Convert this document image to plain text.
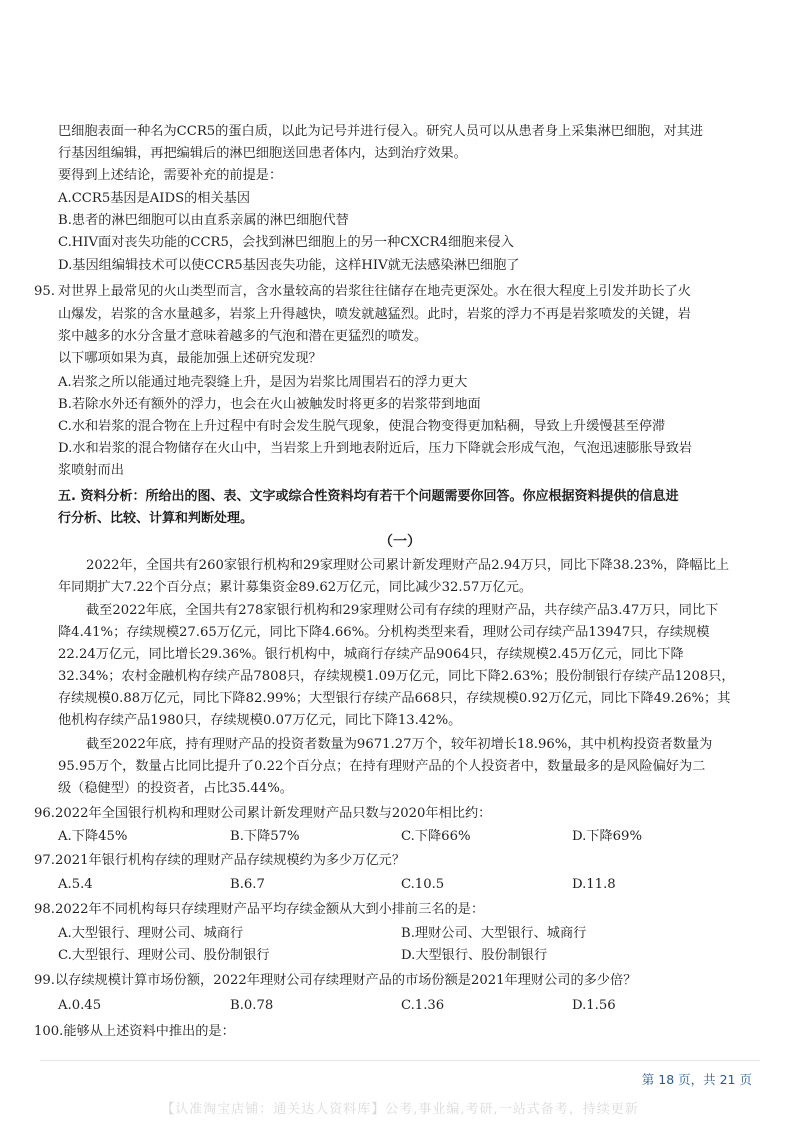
巴细胞表面一种名为CCR5的蛋白质，以此为记号并进行侵入。研究人员可以从患者身上采集淋巴细胞，对其进
行基因组编辑，再把编辑后的淋巴细胞送回患者体内，达到治疗效果。
要得到上述结论，需要补充的前提是：
A.CCR5基因是AIDS的相关基因
B.患者的淋巴细胞可以由直系亲属的淋巴细胞代替
C.HIV面对丧失功能的CCR5，会找到淋巴细胞上的另一种CXCR4细胞来侵入
D.基因组编辑技术可以使CCR5基因丧失功能，这样HIV就无法感染淋巴细胞了
95. 对世界上最常见的火山类型而言，含水量较高的岩浆往往储存在地壳更深处。水在很大程度上引发并助长了火
山爆发，岩浆的含水量越多，岩浆上升得越快，喷发就越猛烈。此时，岩浆的浮力不再是岩浆喷发的关键，岩
浆中越多的水分含量才意味着越多的气泡和潜在更猛烈的喷发。
以下哪项如果为真，最能加强上述研究发现？
A.岩浆之所以能通过地壳裂缝上升，是因为岩浆比周围岩石的浮力更大
B.若除水外还有额外的浮力，也会在火山被触发时将更多的岩浆带到地面
C.水和岩浆的混合物在上升过程中有时会发生脱气现象，使混合物变得更加粘稠，导致上升缓慢甚至停滞
D.水和岩浆的混合物储存在火山中，当岩浆上升到地表附近后，压力下降就会形成气泡，气泡迅速膨胀导致岩
浆喷射而出
五. 资料分析：所给出的图、表、文字或综合性资料均有若干个问题需要你回答。你应根据资料提供的信息进
行分析、比较、计算和判断处理。
（一）
2022年，全国共有260家银行机构和29家理财公司累计新发理财产品2.94万只，同比下降38.23%，降幅比上
年同期扩大7.22个百分点；累计募集资金89.62万亿元，同比减少32.57万亿元。
截至2022年底，全国共有278家银行机构和29家理财公司有存续的理财产品，共存续产品3.47万只，同比下
降4.41%；存续规模27.65万亿元，同比下降4.66%。分机构类型来看，理财公司存续产品13947只，存续规模
22.24万亿元，同比增长29.36%。银行机构中，城商行存续产品9064只，存续规模2.45万亿元，同比下降
32.34%；农村金融机构存续产品7808只，存续规模1.09万亿元，同比下降2.63%；股份制银行存续产品1208只，
存续规模0.88万亿元，同比下降82.99%；大型银行存续产品668只，存续规模0.92万亿元，同比下降49.26%；其
他机构存续产品1980只，存续规模0.07万亿元，同比下降13.42%。
截至2022年底，持有理财产品的投资者数量为9671.27万个，较年初增长18.96%，其中机构投资者数量为
95.95万个，数量占比同比提升了0.22个百分点；在持有理财产品的个人投资者中，数量最多的是风险偏好为二
级（稳健型）的投资者，占比35.44%。
96.2022年全国银行机构和理财公司累计新发理财产品只数与2020年相比约：
A.下降45%	B.下降57%	C.下降66%	D.下降69%
97.2021年银行机构存续的理财产品存续规模约为多少万亿元？
A.5.4	B.6.7	C.10.5	D.11.8
98.2022年不同机构每只存续理财产品平均存续金额从大到小排前三名的是：
A.大型银行、理财公司、城商行	B.理财公司、大型银行、城商行
C.大型银行、理财公司、股份制银行	D.大型银行、股份制银行
99.以存续规模计算市场份额，2022年理财公司存续理财产品的市场份额是2021年理财公司的多少倍？
A.0.45	B.0.78	C.1.36	D.1.56
100.能够从上述资料中推出的是：
第 18 页，共 21 页
【认准淘宝店铺：通关达人资料库】公考,事业编,考研,一站式备考，持续更新
